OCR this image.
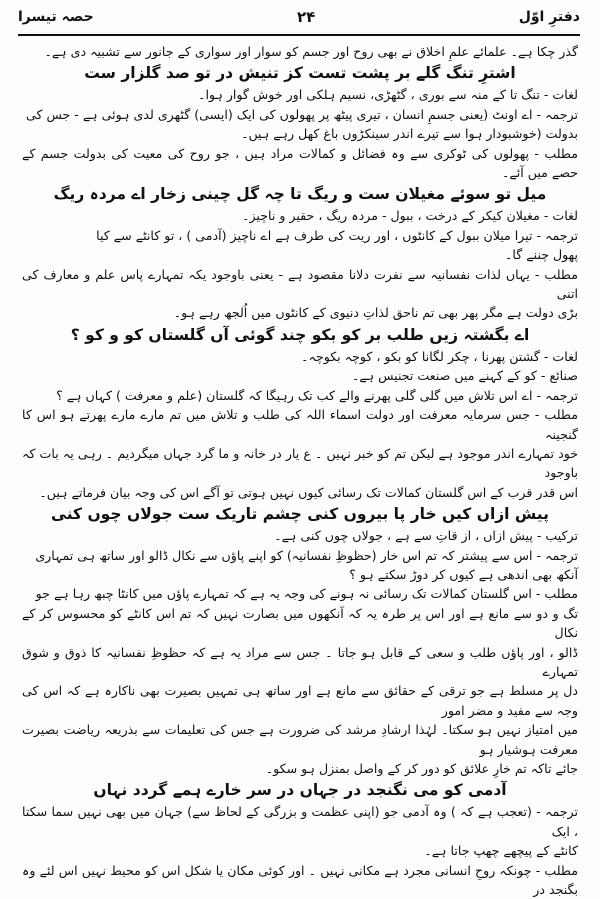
دفترِ اوّل
۲۴
حصہ تیسرا

گذر چکا ہے۔ علمائے علمِ اخلاق نے بھی روح اور جسم کو سوار اور سواری کے جانور سے تشبیہ دی ہے۔

اشترِ تنگ گلے بر پشت تست کز تنیش در تو صد گلزار ست

لغات - تنگ تا کے منہ سے بوری ، گٹھڑی، نسیم ہلکی اور خوش گوار ہوا۔

ترجمہ - اے اونٹ (یعنی جسمِ انسان ، تیری پیٹھ پر پھولوں کی ایک (ایسی) گٹھری لدی ہوئی ہے - جس کی

بدولت (خوشبودار ہوا سے تیرے اندر سینکڑوں باغ کھل رہے ہیں۔

مطلب - پھولوں کی ٹوکری سے وہ فضائل و کمالات مراد ہیں ، جو روح کی معیت کی بدولت جسم کے حصے میں آئے۔

میل تو سوئے مغیلان ست و ریگ تا چہ گل چینی زخار اے مردہ ریگ

لغات - مغیلان کیکر کے درخت ، ببول - مردہ ریگ ، حقیر و ناچیز۔

ترجمہ - تیرا میلان ببول کے کانٹوں ، اور ریت کی طرف ہے اے ناچیز (آدمی ) ، تو کانٹے سے کیا

پھول چننے گا۔

مطلب - یہاں لذات نفسانیہ سے نفرت دلانا مقصود ہے - یعنی باوجود یکہ تمہارے پاس علم و معارف کی اتنی

بڑی دولت ہے مگر پھر بھی تم ناحق لذاتِ دنیوی کے کانٹوں میں اُلجھ رہے ہو۔

اے بگشتہ زیں طلب بر کو بکو چند گوئی آں گلستاں کو و کو ؟

لغات - گشتن پھرنا ، چکر لگانا کو بکو ، کوچہ بکوچہ۔

صنائع - کو کے کہنے میں صنعت تجنیس ہے۔

ترجمہ - اے اس تلاش میں گلی گلی پھرنے والے کب تک رہیگا کہ گلستان (علم و معرفت ) کہاں ہے ؟

مطلب - جس سرمایہ معرفت اور دولت اسماء اللہ کی طلب و تلاش میں تم مارے مارے پھرتے ہو اس کا گنجینہ

خود تمہارے اندر موجود ہے لیکن تم کو خبر نہیں ۔ ع یار در خانہ و ما گرد جہاں میگردیم ۔ رہی یہ بات کہ باوجود

اس قدر قرب کے اس گلستان کمالات تک رسائی کیوں نہیں ہوتی تو آگے اس کی وجہ بیان فرماتے ہیں۔

پیش ازاں کیں خار پا بیروں کنی چشم تاریک ست جولاں چوں کنی

ترکیب - پیش ازاں ، از قاتِ سے ہے ، جولاں چوں کنی ہے۔

ترجمہ - اس سے پیشتر کہ تم اس خار (حظوظِ نفسانیہ) کو اپنے پاؤں سے نکال ڈالو اور ساتھ ہی تمہاری

آنکھ بھی اندھی ہے کیوں کر دوڑ سکتے ہو ؟

مطلب - اس گلستان کمالات تک رسائی نہ ہونے کی وجہ یہ ہے کہ تمہارے پاؤں میں کانٹا چبھ رہا ہے جو

تگ و دو سے مانع ہے اور اس پر طرہ یہ کہ آنکھوں میں بصارت نہیں کہ تم اس کانٹے کو محسوس کر کے نکال

ڈالو ، اور پاؤں طلب و سعی کے قابل ہو جاتا ۔ جس سے مراد یہ ہے کہ حظوظِ نفسانیہ کا ذوق و شوق تمہارے

دل پر مسلط ہے جو ترقی کے حقائق سے مانع ہے اور ساتھ ہی تمہیں بصیرت بھی ناکارہ ہے کہ اس کی وجہ سے مفید و مضر امور

میں امتیاز نہیں ہو سکتا۔ لہٰذا ارشادِ مرشد کی ضرورت ہے جس کی تعلیمات سے بذریعہ ریاضت بصیرت معرفت ہوشیار ہو

جائے تاکہ تم خارِ علائق کو دور کر کے واصل بمنزل ہو سکو۔

آدمی کو می نگنجد در جہاں در سر خارے ہمے گردد نہاں

ترجمہ - (تعجب ہے کہ ) وہ آدمی جو (اپنی عظمت و بزرگی کے لحاظ سے) جہان میں بھی نہیں سما سکتا ، ایک

کانٹے کے پیچھے چھپ جاتا ہے۔

مطلب - چونکہ روحِ انسانی مجرد ہے مکانی نہیں ۔ اور کوئی مکان یا شکل اس کو محیط نہیں اس لئے وہ بگنجد در
